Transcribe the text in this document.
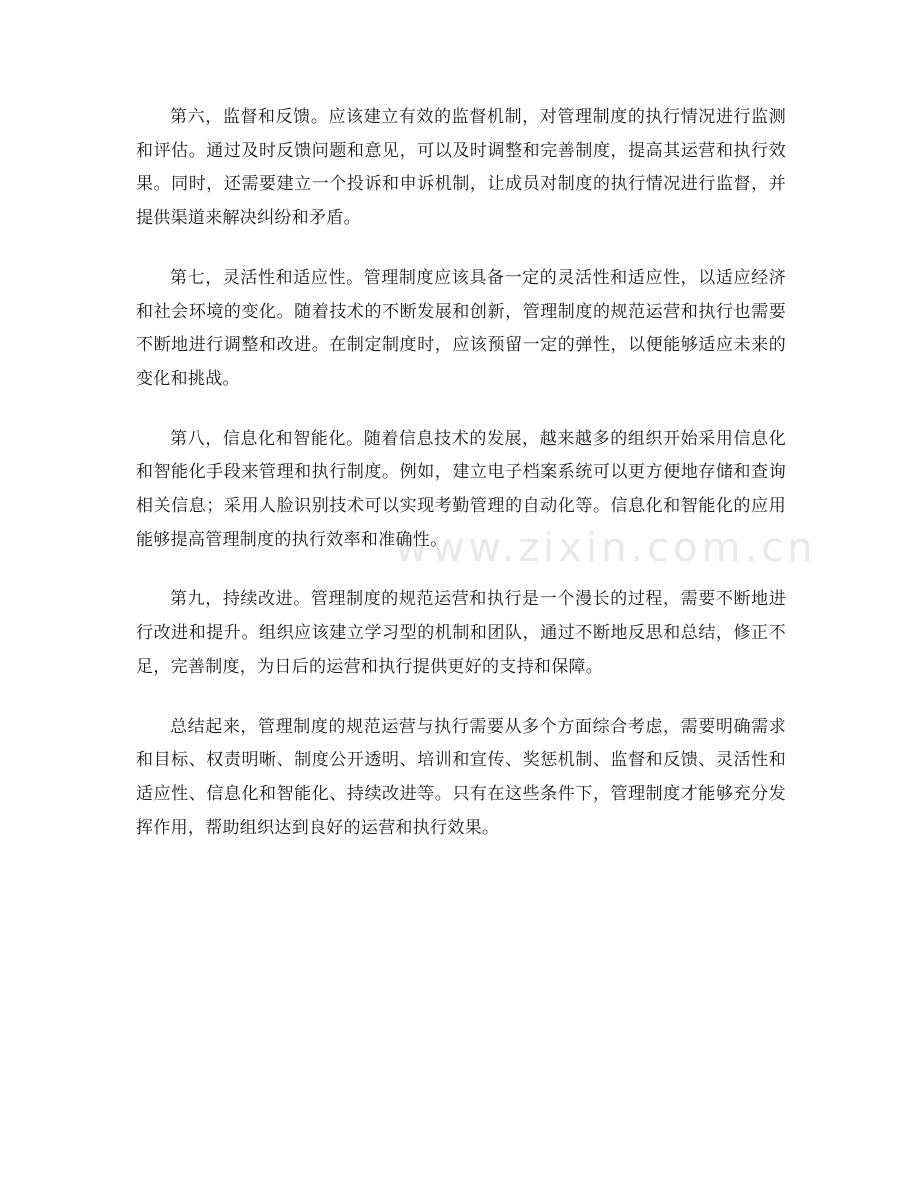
www.zixin.com.cn

第六，监督和反馈。应该建立有效的监督机制，对管理制度的执行情况进行监测和评估。通过及时反馈问题和意见，可以及时调整和完善制度，提高其运营和执行效果。同时，还需要建立一个投诉和申诉机制，让成员对制度的执行情况进行监督，并提供渠道来解决纠纷和矛盾。

第七，灵活性和适应性。管理制度应该具备一定的灵活性和适应性，以适应经济和社会环境的变化。随着技术的不断发展和创新，管理制度的规范运营和执行也需要不断地进行调整和改进。在制定制度时，应该预留一定的弹性，以便能够适应未来的变化和挑战。

第八，信息化和智能化。随着信息技术的发展，越来越多的组织开始采用信息化和智能化手段来管理和执行制度。例如，建立电子档案系统可以更方便地存储和查询相关信息；采用人脸识别技术可以实现考勤管理的自动化等。信息化和智能化的应用能够提高管理制度的执行效率和准确性。

第九，持续改进。管理制度的规范运营和执行是一个漫长的过程，需要不断地进行改进和提升。组织应该建立学习型的机制和团队，通过不断地反思和总结，修正不足，完善制度，为日后的运营和执行提供更好的支持和保障。

总结起来，管理制度的规范运营与执行需要从多个方面综合考虑，需要明确需求和目标、权责明晰、制度公开透明、培训和宣传、奖惩机制、监督和反馈、灵活性和适应性、信息化和智能化、持续改进等。只有在这些条件下，管理制度才能够充分发挥作用，帮助组织达到良好的运营和执行效果。
